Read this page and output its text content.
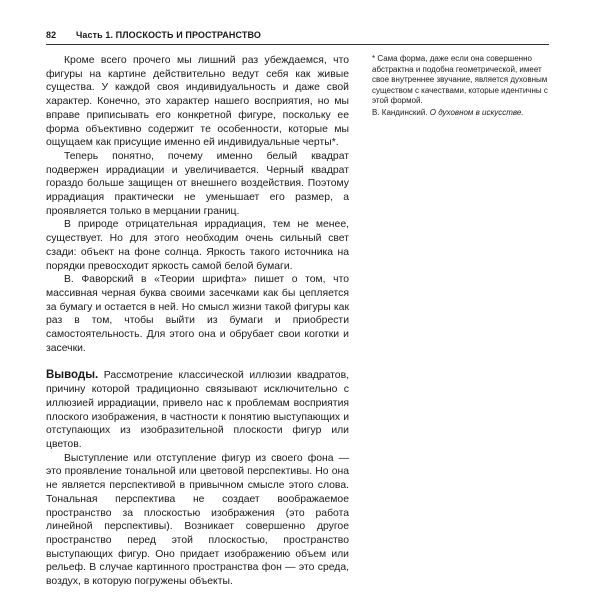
82 Часть 1. ПЛОСКОСТЬ И ПРОСТРАНСТВО

Кроме всего прочего мы лишний раз убеждаемся, что фигуры на картине действительно ведут себя как живые существа. У каждой своя индивидуальность и даже свой характер. Конечно, это характер нашего восприятия, но мы вправе приписывать его конкретной фигуре, поскольку ее форма объективно содержит те особенности, которые мы ощущаем как присущие именно ей индивидуальные черты*.

Теперь понятно, почему именно белый квадрат подвержен иррадиации и увеличивается. Черный квадрат гораздо больше защищен от внешнего воздействия. Поэтому иррадиация практически не уменьшает его размер, а проявляется только в мерцании границ.

В природе отрицательная иррадиация, тем не менее, существует. Но для этого необходим очень сильный свет сзади: объект на фоне солнца. Яркость такого источника на порядки превосходит яркость самой белой бумаги.

В. Фаворский в «Теории шрифта» пишет о том, что массивная черная буква своими засечками как бы цепляется за бумагу и остается в ней. Но смысл жизни такой фигуры как раз в том, чтобы выйти из бумаги и приобрести самостоятельность. Для этого она и обрубает свои коготки и засечки.

Выводы. Рассмотрение классической иллюзии квадратов, причину которой традиционно связывают исключительно с иллюзией иррадиации, привело нас к проблемам восприятия плоского изображения, в частности к понятию выступающих и отступающих из изобразительной плоскости фигур или цветов.

Выступление или отступление фигур из своего фона — это проявление тональной или цветовой перспективы. Но она не является перспективой в привычном смысле этого слова. Тональная перспектива не создает воображаемое пространство за плоскостью изображения (это работа линейной перспективы). Возникает совершенно другое пространство перед этой плоскостью, пространство выступающих фигур. Оно придает изображению объем или рельеф. В случае картинного пространства фон — это среда, воздух, в которую погружены объекты.

* Сама форма, даже если она совершенно абстрактна и подобна геометрической, имеет свое внутреннее звучание, является духовным существом с качествами, которые идентичны с этой формой.

В. Кандинский. О духовном в искусстве.
